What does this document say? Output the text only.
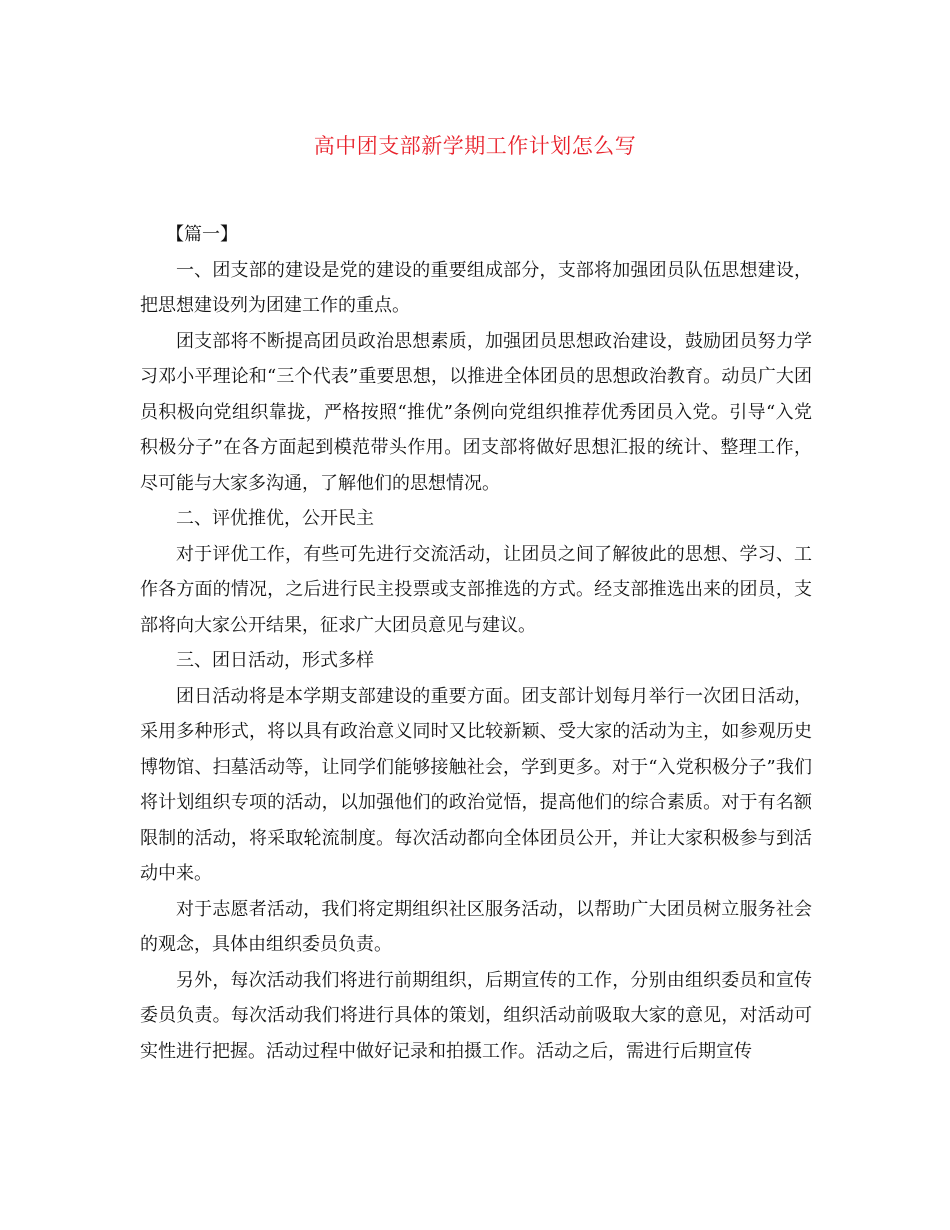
高中团支部新学期工作计划怎么写

【篇一】

一、团支部的建设是党的建设的重要组成部分，支部将加强团员队伍思想建设，把思想建设列为团建工作的重点。

团支部将不断提高团员政治思想素质，加强团员思想政治建设，鼓励团员努力学习邓小平理论和“三个代表”重要思想，以推进全体团员的思想政治教育。动员广大团员积极向党组织靠拢，严格按照“推优”条例向党组织推荐优秀团员入党。引导“入党积极分子”在各方面起到模范带头作用。团支部将做好思想汇报的统计、整理工作，尽可能与大家多沟通，了解他们的思想情况。

二、评优推优，公开民主

对于评优工作，有些可先进行交流活动，让团员之间了解彼此的思想、学习、工作各方面的情况，之后进行民主投票或支部推选的方式。经支部推选出来的团员，支部将向大家公开结果，征求广大团员意见与建议。

三、团日活动，形式多样

团日活动将是本学期支部建设的重要方面。团支部计划每月举行一次团日活动，采用多种形式，将以具有政治意义同时又比较新颖、受大家的活动为主，如参观历史博物馆、扫墓活动等，让同学们能够接触社会，学到更多。对于“入党积极分子”我们将计划组织专项的活动，以加强他们的政治觉悟，提高他们的综合素质。对于有名额限制的活动，将采取轮流制度。每次活动都向全体团员公开，并让大家积极参与到活动中来。

对于志愿者活动，我们将定期组织社区服务活动，以帮助广大团员树立服务社会的观念，具体由组织委员负责。

另外，每次活动我们将进行前期组织，后期宣传的工作，分别由组织委员和宣传委员负责。每次活动我们将进行具体的策划，组织活动前吸取大家的意见，对活动可实性进行把握。活动过程中做好记录和拍摄工作。活动之后，需进行后期宣传
